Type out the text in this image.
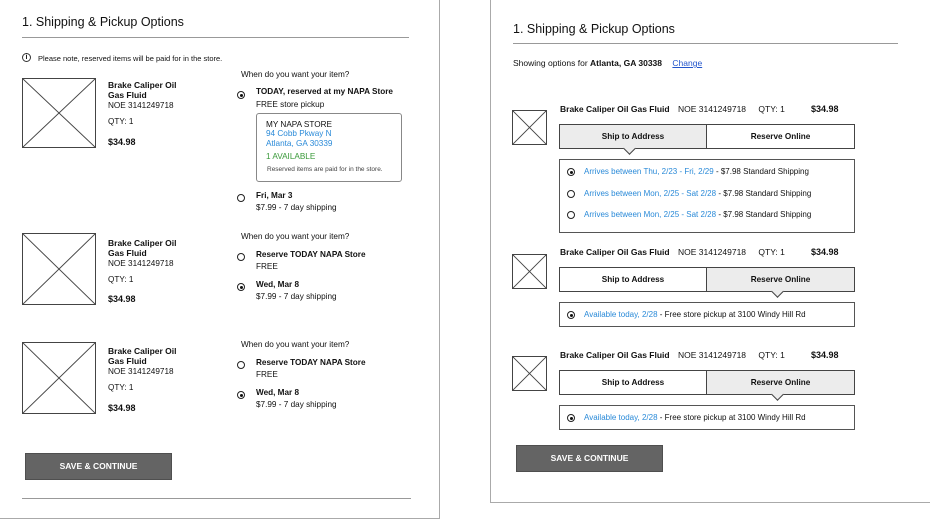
1. Shipping & Pickup Options
i	Please note, reserved items will be paid for in the store.
Brake Caliper Oil Gas Fluid
NOE 3141249718
QTY: 1
$34.98
When do you want your item?
TODAY, reserved at my NAPA Store
FREE store pickup
MY NAPA STORE
94 Cobb Pkway N
Atlanta, GA 30339
1 AVAILABLE
Reserved items are paid for in the store.
Fri, Mar 3
$7.99 - 7 day shipping
Brake Caliper Oil Gas Fluid
NOE 3141249718
QTY: 1
$34.98
When do you want your item?
Reserve TODAY NAPA Store
FREE
Wed, Mar 8
$7.99 - 7 day shipping
Brake Caliper Oil Gas Fluid
NOE 3141249718
QTY: 1
$34.98
When do you want your item?
Reserve TODAY NAPA Store
FREE
Wed, Mar 8
$7.99 - 7 day shipping
SAVE & CONTINUE
1. Shipping & Pickup Options
Showing options for Atlanta, GA 30338 Change
Brake Caliper Oil Gas Fluid NOE 3141249718 QTY: 1	$34.98
Ship to Address	Reserve Online
Arrives between Thu, 2/23 - Fri, 2/29 - $7.98 Standard Shipping
Arrives between Mon, 2/25 - Sat 2/28 - $7.98 Standard Shipping
Arrives between Mon, 2/25 - Sat 2/28 - $7.98 Standard Shipping
Brake Caliper Oil Gas Fluid NOE 3141249718 QTY: 1	$34.98
Ship to Address	Reserve Online
Available today, 2/28 - Free store pickup at 3100 Windy Hill Rd
Brake Caliper Oil Gas Fluid NOE 3141249718 QTY: 1	$34.98
Ship to Address	Reserve Online
Available today, 2/28 - Free store pickup at 3100 Windy Hill Rd
SAVE & CONTINUE
